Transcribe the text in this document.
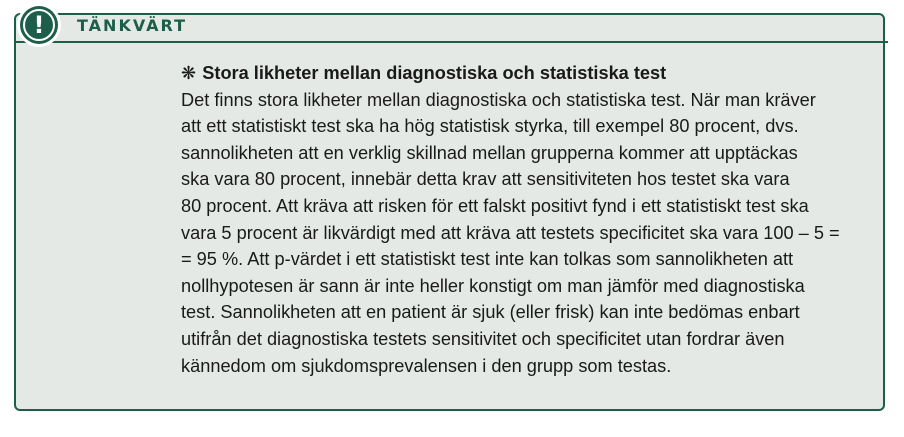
!	TÄNKVÄRT
❋ Stora likheter mellan diagnostiska och statistiska test
Det finns stora likheter mellan diagnostiska och statistiska test. När man kräver
att ett statistiskt test ska ha hög statistisk styrka, till exempel 80 procent, dvs.
sannolikheten att en verklig skillnad mellan grupperna kommer att upptäckas
ska vara 80 procent, innebär detta krav att sensitiviteten hos testet ska vara
80 procent. Att kräva att risken för ett falskt positivt fynd i ett statistiskt test ska
vara 5 procent är likvärdigt med att kräva att testets specificitet ska vara 100 – 5 =
= 95 %. Att p-värdet i ett statistiskt test inte kan tolkas som sannolikheten att
nollhypotesen är sann är inte heller konstigt om man jämför med diagnostiska
test. Sannolikheten att en patient är sjuk (eller frisk) kan inte bedömas enbart
utifrån det diagnostiska testets sensitivitet och specificitet utan fordrar även
kännedom om sjukdomsprevalensen i den grupp som testas.
